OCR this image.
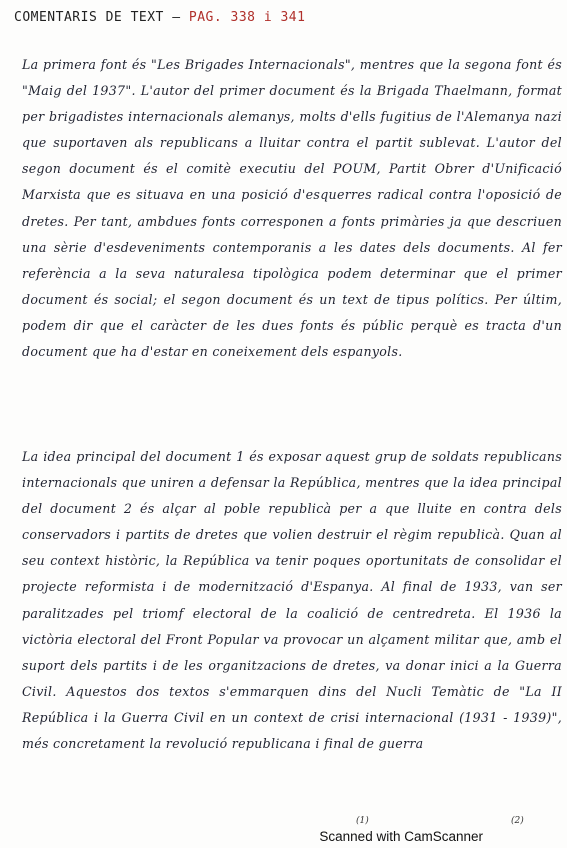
COMENTARIS DE TEXT — PAG. 338 i 341
La primera font és "Les Brigades Internacionals", mentres que la segona font és "Maig del 1937". L'autor del primer document és la Brigada Thaelmann, format per brigadistes internacionals alemanys, molts d'ells fugitius de l'Alemanya nazi que suportaven als republicans a lluitar contra el partit sublevat. L'autor del segon document és el comitè executiu del POUM, Partit Obrer d'Unificació Marxista que es situava en una posició d'esquerres radical contra l'oposició de dretes. Per tant, ambdues fonts corresponen a fonts primàries ja que descriuen una sèrie d'esdeveniments contemporanis a les dates dels documents. Al fer referència a la seva naturalesa tipològica podem determinar que el primer document és social; el segon document és un text de tipus polítics. Per últim, podem dir que el caràcter de les dues fonts és públic perquè es tracta d'un document que ha d'estar en coneixement dels espanyols.
La idea principal del document 1 és exposar aquest grup de soldats republicans internacionals que uniren a defensar la República, mentres que la idea principal del document 2 és alçar al poble republicà per a que lluite en contra dels conservadors i partits de dretes que volien destruir el règim republicà. Quan al seu context històric, la República va tenir poques oportunitats de consolidar el projecte reformista i de modernització d'Espanya. Al final de 1933, van ser paralitzades pel triomf electoral de la coalició de centredreta. El 1936 la victòria electoral del Front Popular va provocar un alçament militar que, amb el suport dels partits i de les organitzacions de dretes, va donar inici a la Guerra Civil. Aquestos dos textos s'emmarquen dins del Nucli Temàtic de "La II República i la Guerra Civil en un context de crisi internacional (1931 - 1939)", més concretament la revolució republicana i final de guerra
(1)	(2)
Scanned with CamScanner
